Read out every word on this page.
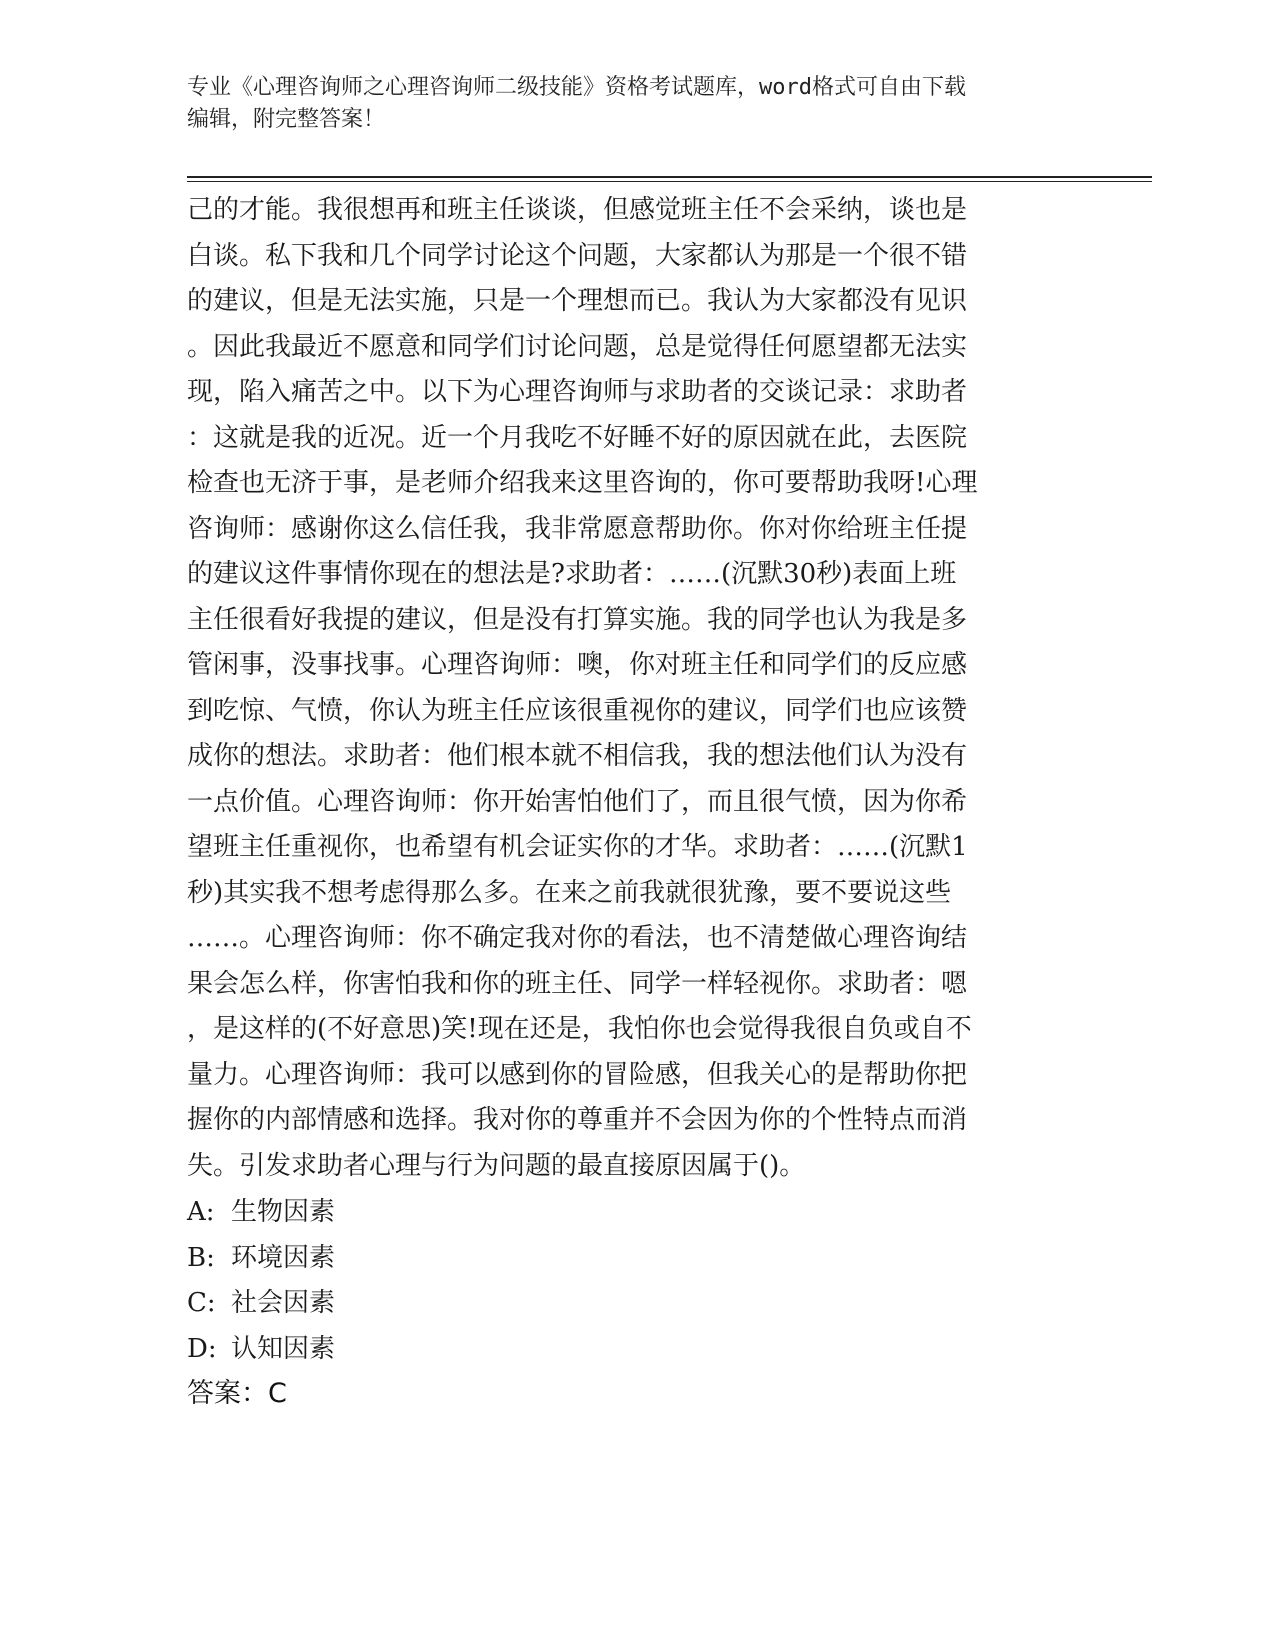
专业《心理咨询师之心理咨询师二级技能》资格考试题库，word格式可自由下载
编辑，附完整答案！
己的才能。我很想再和班主任谈谈，但感觉班主任不会采纳，谈也是
白谈。私下我和几个同学讨论这个问题，大家都认为那是一个很不错
的建议，但是无法实施，只是一个理想而已。我认为大家都没有见识
。因此我最近不愿意和同学们讨论问题，总是觉得任何愿望都无法实
现，陷入痛苦之中。以下为心理咨询师与求助者的交谈记录：求助者
：这就是我的近况。近一个月我吃不好睡不好的原因就在此，去医院
检查也无济于事，是老师介绍我来这里咨询的，你可要帮助我呀!心理
咨询师：感谢你这么信任我，我非常愿意帮助你。你对你给班主任提
的建议这件事情你现在的想法是?求助者：……(沉默30秒)表面上班
主任很看好我提的建议，但是没有打算实施。我的同学也认为我是多
管闲事，没事找事。心理咨询师：噢，你对班主任和同学们的反应感
到吃惊、气愤，你认为班主任应该很重视你的建议，同学们也应该赞
成你的想法。求助者：他们根本就不相信我，我的想法他们认为没有
一点价值。心理咨询师：你开始害怕他们了，而且很气愤，因为你希
望班主任重视你，也希望有机会证实你的才华。求助者：……(沉默1
秒)其实我不想考虑得那么多。在来之前我就很犹豫，要不要说这些
……。心理咨询师：你不确定我对你的看法，也不清楚做心理咨询结
果会怎么样，你害怕我和你的班主任、同学一样轻视你。求助者：嗯
，是这样的(不好意思)笑!现在还是，我怕你也会觉得我很自负或自不
量力。心理咨询师：我可以感到你的冒险感，但我关心的是帮助你把
握你的内部情感和选择。我对你的尊重并不会因为你的个性特点而消
失。引发求助者心理与行为问题的最直接原因属于()。
A: 生物因素
B: 环境因素
C: 社会因素
D: 认知因素
答案：C
